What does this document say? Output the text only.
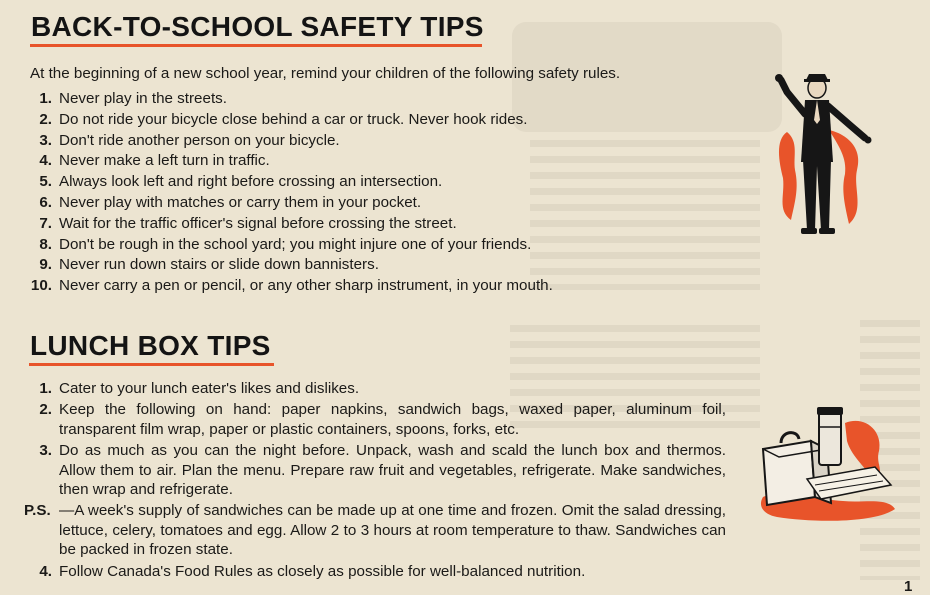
BACK-TO-SCHOOL SAFETY TIPS

At the beginning of a new school year, remind your children of the following safety rules.

1. Never play in the streets.
2. Do not ride your bicycle close behind a car or truck. Never hook rides.
3. Don't ride another person on your bicycle.
4. Never make a left turn in traffic.
5. Always look left and right before crossing an intersection.
6. Never play with matches or carry them in your pocket.
7. Wait for the traffic officer's signal before crossing the street.
8. Don't be rough in the school yard; you might injure one of your friends.
9. Never run down stairs or slide down bannisters.
10. Never carry a pen or pencil, or any other sharp instrument, in your mouth.
LUNCH BOX TIPS
1. Cater to your lunch eater's likes and dislikes.
2. Keep the following on hand: paper napkins, sandwich bags, waxed paper, aluminum foil, transparent film wrap, paper or plastic containers, spoons, forks, etc.
3. Do as much as you can the night before. Unpack, wash and scald the lunch box and thermos. Allow them to air. Plan the menu. Prepare raw fruit and vegetables, refrigerate. Make sandwiches, then wrap and refrigerate.
P.S. —A week's supply of sandwiches can be made up at one time and frozen. Omit the salad dressing, lettuce, celery, tomatoes and egg. Allow 2 to 3 hours at room temperature to thaw. Sandwiches can be packed in frozen state.
4. Follow Canada's Food Rules as closely as possible for well-balanced nutrition.
1
